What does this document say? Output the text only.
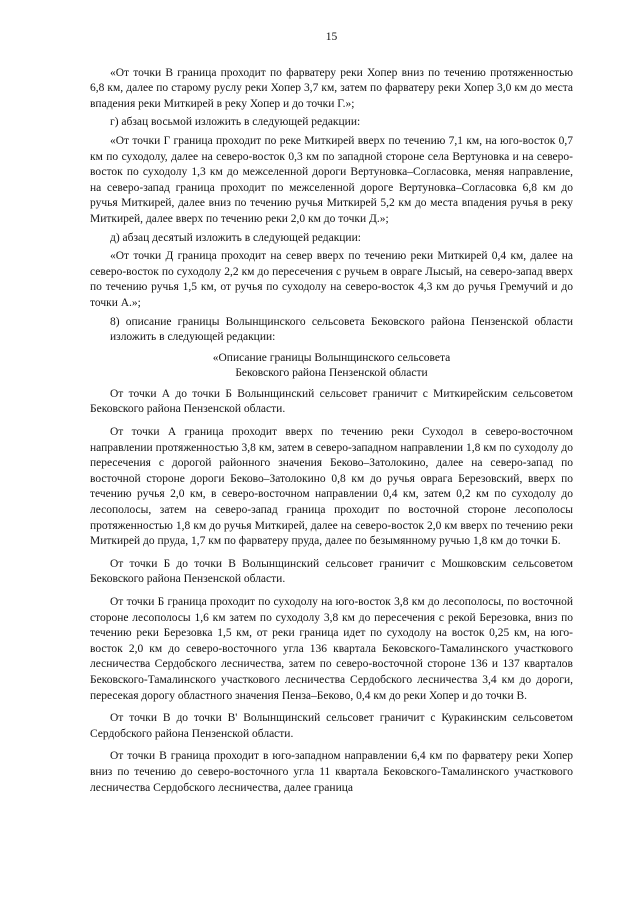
15

«От точки В граница проходит по фарватеру реки Хопер вниз по течению протяженностью 6,8 км, далее по старому руслу реки Хопер 3,7 км, затем по фарватеру реки Хопер 3,0 км до места впадения реки Миткирей в реку Хопер и до точки Г.»;

г) абзац восьмой изложить в следующей редакции:

«От точки Г граница проходит по реке Миткирей вверх по течению 7,1 км, на юго-восток 0,7 км по суходолу, далее на северо-восток 0,3 км по западной стороне села Вертуновка и на северо-восток по суходолу 1,3 км до межселенной дороги Вертуновка–Согласовка, меняя направление, на северо-запад граница проходит по межселенной дороге Вертуновка–Согласовка 6,8 км до ручья Миткирей, далее вниз по течению ручья Миткирей 5,2 км до места впадения ручья в реку Миткирей, далее вверх по течению реки 2,0 км до точки Д.»;

д) абзац десятый изложить в следующей редакции:

«От точки Д граница проходит на север вверх по течению реки Миткирей 0,4 км, далее на северо-восток по суходолу 2,2 км до пересечения с ручьем в овраге Лысый, на северо-запад вверх по течению ручья 1,5 км, от ручья по суходолу на северо-восток 4,3 км до ручья Гремучий и до точки А.»;

8) описание границы Волынщинского сельсовета Бековского района Пензенской области изложить в следующей редакции:

«Описание границы Волынщинского сельсовета
Бековского района Пензенской области

От точки А до точки Б Волынщинский сельсовет граничит с Миткирейским сельсоветом Бековского района Пензенской области.

От точки А граница проходит вверх по течению реки Суходол в северо-восточном направлении протяженностью 3,8 км, затем в северо-западном направлении 1,8 км по суходолу до пересечения с дорогой районного значения Беково–Затолокино, далее на северо-запад по восточной стороне дороги Беково–Затолокино 0,8 км до ручья оврага Березовский, вверх по течению ручья 2,0 км, в северо-восточном направлении 0,4 км, затем 0,2 км по суходолу до лесополосы, затем на северо-запад граница проходит по восточной стороне лесополосы протяженностью 1,8 км до ручья Миткирей, далее на северо-восток 2,0 км вверх по течению реки Миткирей до пруда, 1,7 км по фарватеру пруда, далее по безымянному ручью 1,8 км до точки Б.

От точки Б до точки В Волынщинский сельсовет граничит с Мошковским сельсоветом Бековского района Пензенской области.

От точки Б граница проходит по суходолу на юго-восток 3,8 км до лесополосы, по восточной стороне лесополосы 1,6 км затем по суходолу 3,8 км до пересечения с рекой Березовка, вниз по течению реки Березовка 1,5 км, от реки граница идет по суходолу на восток 0,25 км, на юго-восток 2,0 км до северо-восточного угла 136 квартала Бековского-Тамалинского участкового лесничества Сердобского лесничества, затем по северо-восточной стороне 136 и 137 кварталов Бековского-Тамалинского участкового лесничества Сердобского лесничества 3,4 км до дороги, пересекая дорогу областного значения Пенза–Беково, 0,4 км до реки Хопер и до точки В.

От точки В до точки В' Волынщинский сельсовет граничит с Куракинским сельсоветом Сердобского района Пензенской области.

От точки В граница проходит в юго-западном направлении 6,4 км по фарватеру реки Хопер вниз по течению до северо-восточного угла 11 квартала Бековского-Тамалинского участкового лесничества Сердобского лесничества, далее граница
